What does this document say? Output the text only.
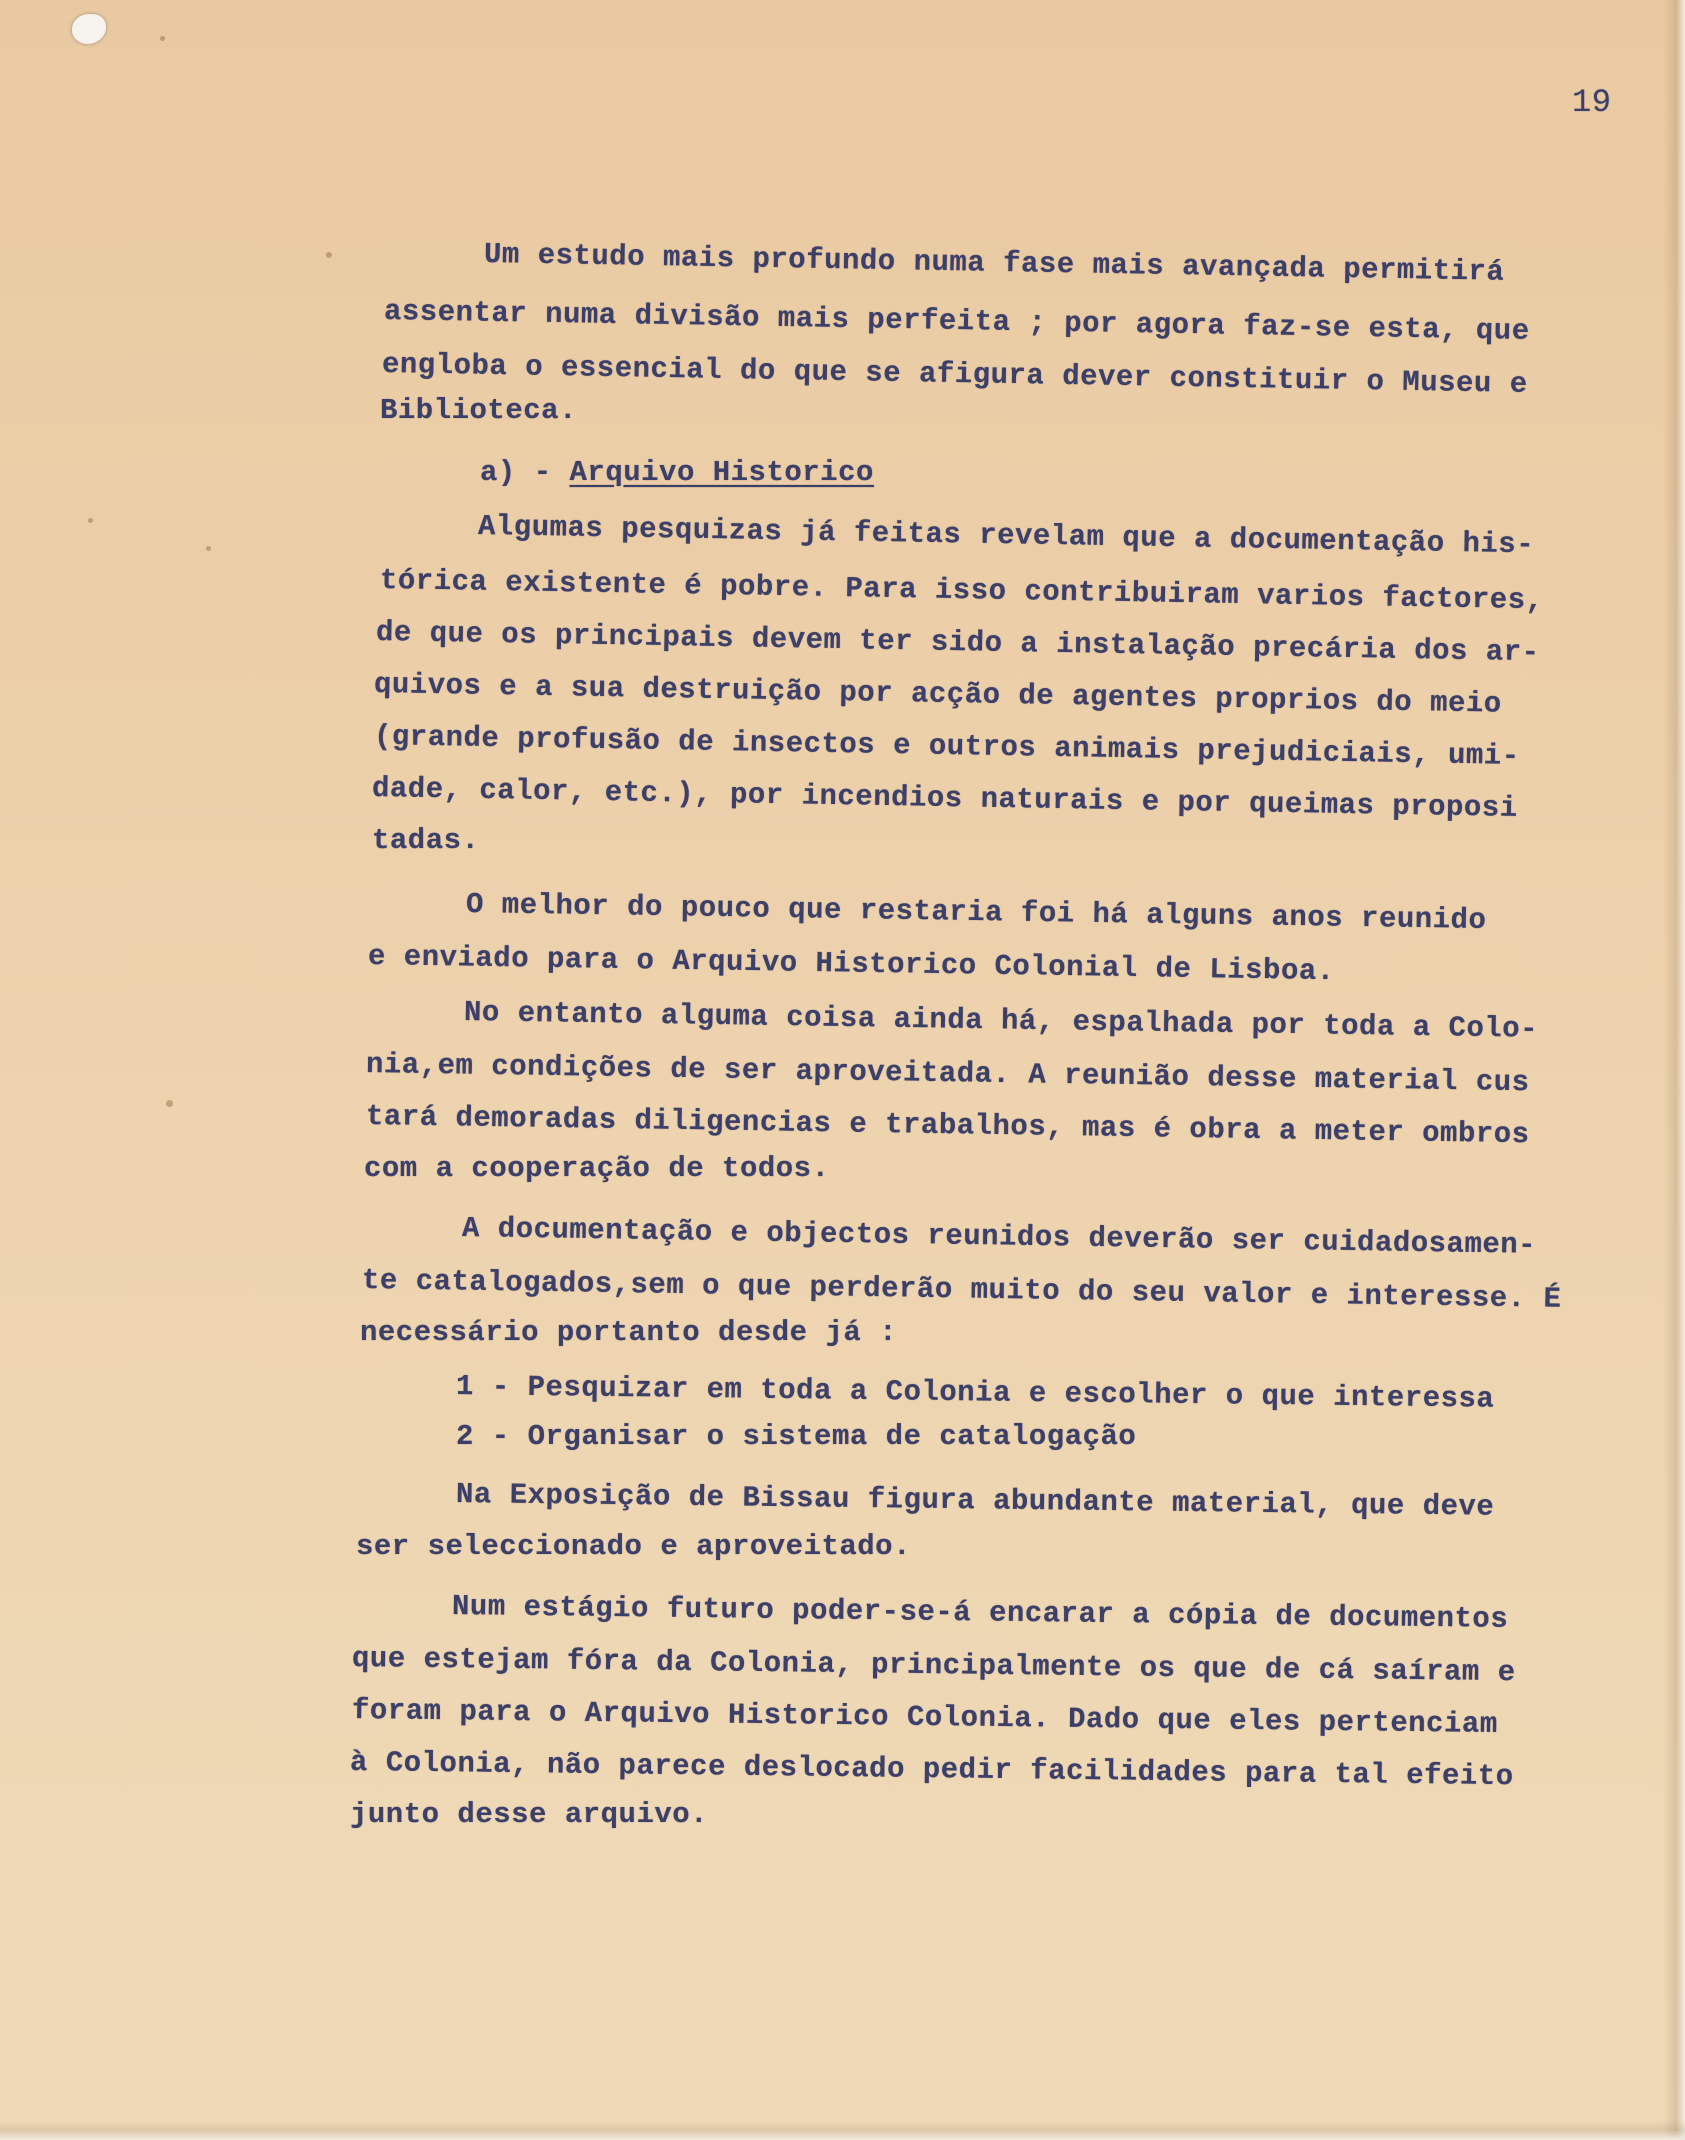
19
Um estudo mais profundo numa fase mais avançada permitirá
assentar numa divisão mais perfeita ; por agora faz-se esta, que
engloba o essencial do que se afigura dever constituir o Museu e
Biblioteca.
a) - Arquivo Historico
Algumas pesquizas já feitas revelam que a documentação his-
tórica existente é pobre. Para isso contribuiram varios factores,
de que os principais devem ter sido a instalação precária dos ar-
quivos e a sua destruição por acção de agentes proprios do meio
(grande profusão de insectos e outros animais prejudiciais, umi-
dade, calor, etc.), por incendios naturais e por queimas proposi
tadas.
O melhor do pouco que restaria foi há alguns anos reunido
e enviado para o Arquivo Historico Colonial de Lisboa.
No entanto alguma coisa ainda há, espalhada por toda a Colo-
nia,em condições de ser aproveitada. A reunião desse material cus
tará demoradas diligencias e trabalhos, mas é obra a meter ombros
com a cooperação de todos.
A documentação e objectos reunidos deverão ser cuidadosamen-
te catalogados,sem o que perderão muito do seu valor e interesse. É
necessário portanto desde já :
1 - Pesquizar em toda a Colonia e escolher o que interessa
2 - Organisar o sistema de catalogação
Na Exposição de Bissau figura abundante material, que deve
ser seleccionado e aproveitado.
Num estágio futuro poder-se-á encarar a cópia de documentos
que estejam fóra da Colonia, principalmente os que de cá saíram e
foram para o Arquivo Historico Colonia. Dado que eles pertenciam
à Colonia, não parece deslocado pedir facilidades para tal efeito
junto desse arquivo.
